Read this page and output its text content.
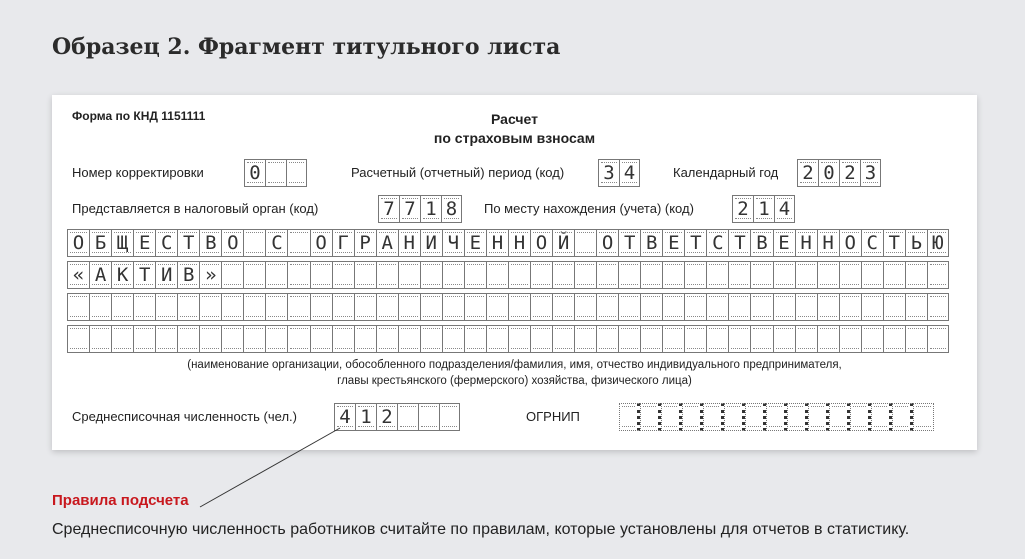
Образец 2. Фрагмент титульного листа
Форма по КНД 1151111	Расчет
по страховым взносам
Номер корректировки 0	Расчетный (отчетный) период (код) 3 4	Календарный год 2 0 2 3
Представляется в налоговый орган (код)	7 7 1 8	По месту нахождения (учета) (код) 2 1 4
О Б Щ Е С Т В О	С	О Г Р А Н И Ч Е Н Н О Й	О Т В Е Т С Т В Е Н Н О С Т Ь Ю
« А К Т И В »
(наименование организации, обособленного подразделения/фамилия, имя, отчество индивидуального предпринимателя,
главы крестьянского (фермерского) хозяйства, физического лица)
Среднесписочная численность (чел.) 4 1 2	ОГРНИП
Правила подсчета
Среднесписочную численность работников считайте по правилам, которые установлены для отчетов в статистику.
